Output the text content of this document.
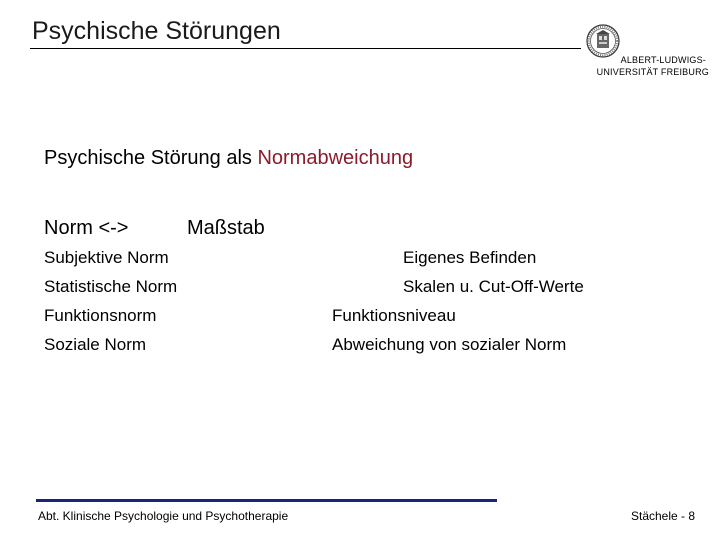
Psychische Störungen
ALBERT-LUDWIGS-
UNIVERSITÄT FREIBURG
Psychische Störung als Normabweichung
Norm <->	Maßstab
Subjektive Norm	Eigenes Befinden
Statistische Norm	Skalen u. Cut-Off-Werte
Funktionsnorm	Funktionsniveau
Soziale Norm	Abweichung von sozialer Norm
Abt. Klinische Psychologie und Psychotherapie	Stächele - 8
